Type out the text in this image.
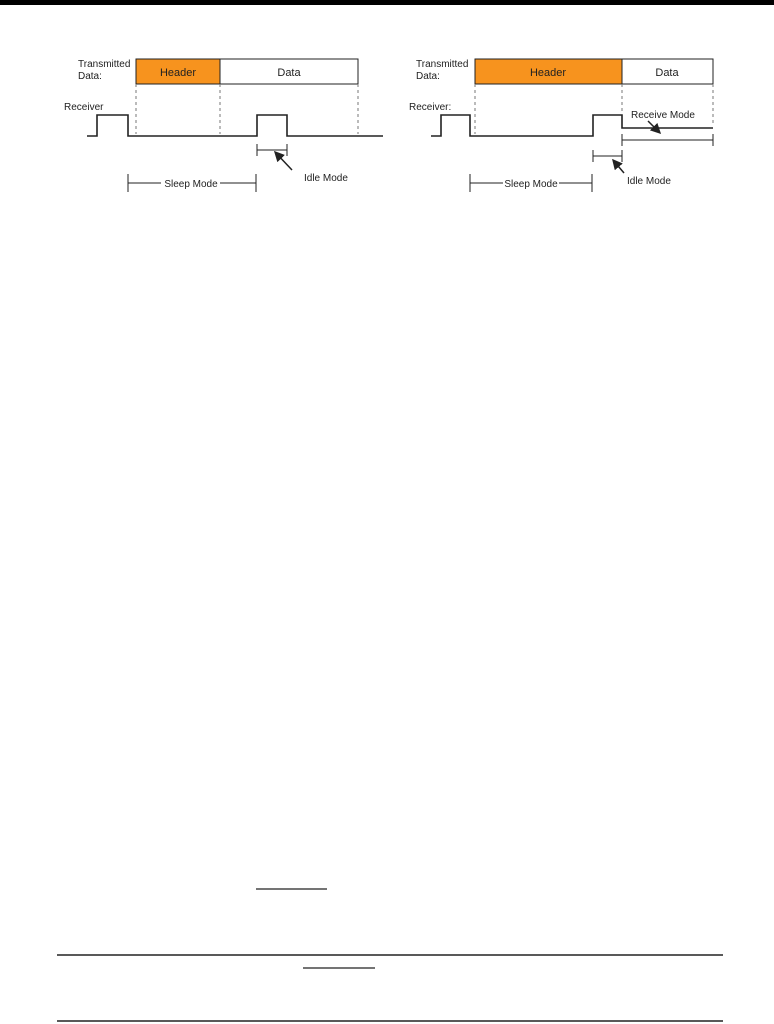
Transmitted
Data:	Header	Data
Receiver
Sleep Mode
Idle Mode
Transmitted
Data:	Header	Data
Receiver:
Receive Mode
Sleep Mode	Idle Mode
